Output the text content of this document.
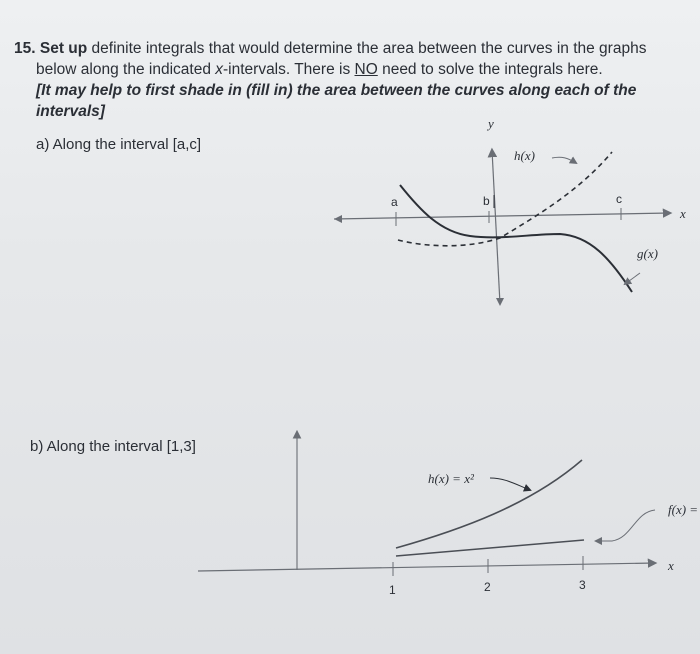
15. Set up definite integrals that would determine the area between the curves in the graphs
below along the indicated x-intervals. There is NO need to solve the integrals here.
[It may help to first shade in (fill in) the area between the curves along each of the intervals]
a) Along the interval [a,c]
b) Along the interval [1,3]
y
x
a	b	c
h(x)
g(x)
x
1	2	3
h(x) = x²
f(x) =
